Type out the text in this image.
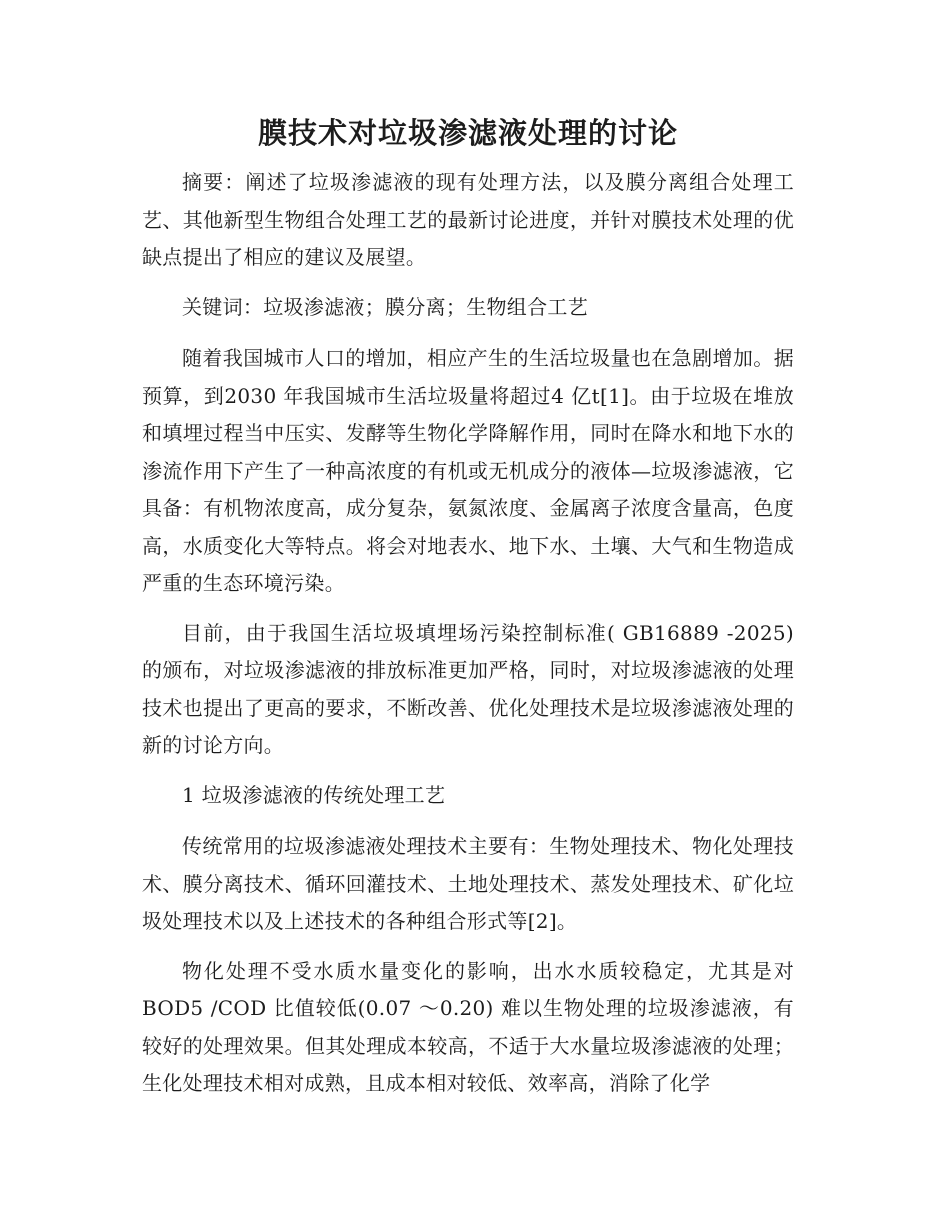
膜技术对垃圾渗滤液处理的讨论

摘要：阐述了垃圾渗滤液的现有处理方法，以及膜分离组合处理工艺、其他新型生物组合处理工艺的最新讨论进度，并针对膜技术处理的优缺点提出了相应的建议及展望。

关键词：垃圾渗滤液；膜分离；生物组合工艺

随着我国城市人口的增加，相应产生的生活垃圾量也在急剧增加。据预算，到2030 年我国城市生活垃圾量将超过4 亿t[1]。由于垃圾在堆放和填埋过程当中压实、发酵等生物化学降解作用，同时在降水和地下水的渗流作用下产生了一种高浓度的有机或无机成分的液体—垃圾渗滤液，它具备：有机物浓度高，成分复杂，氨氮浓度、金属离子浓度含量高，色度高，水质变化大等特点。将会对地表水、地下水、土壤、大气和生物造成严重的生态环境污染。

目前，由于我国生活垃圾填埋场污染控制标准( GB16889 -2025) 的颁布，对垃圾渗滤液的排放标准更加严格，同时，对垃圾渗滤液的处理技术也提出了更高的要求，不断改善、优化处理技术是垃圾渗滤液处理的新的讨论方向。

1 垃圾渗滤液的传统处理工艺

传统常用的垃圾渗滤液处理技术主要有：生物处理技术、物化处理技术、膜分离技术、循环回灌技术、土地处理技术、蒸发处理技术、矿化垃圾处理技术以及上述技术的各种组合形式等[2]。

物化处理不受水质水量变化的影响，出水水质较稳定，尤其是对BOD5 /COD 比值较低(0.07 ～0.20) 难以生物处理的垃圾渗滤液，有较好的处理效果。但其处理成本较高，不适于大水量垃圾渗滤液的处理；生化处理技术相对成熟，且成本相对较低、效率高，消除了化学
